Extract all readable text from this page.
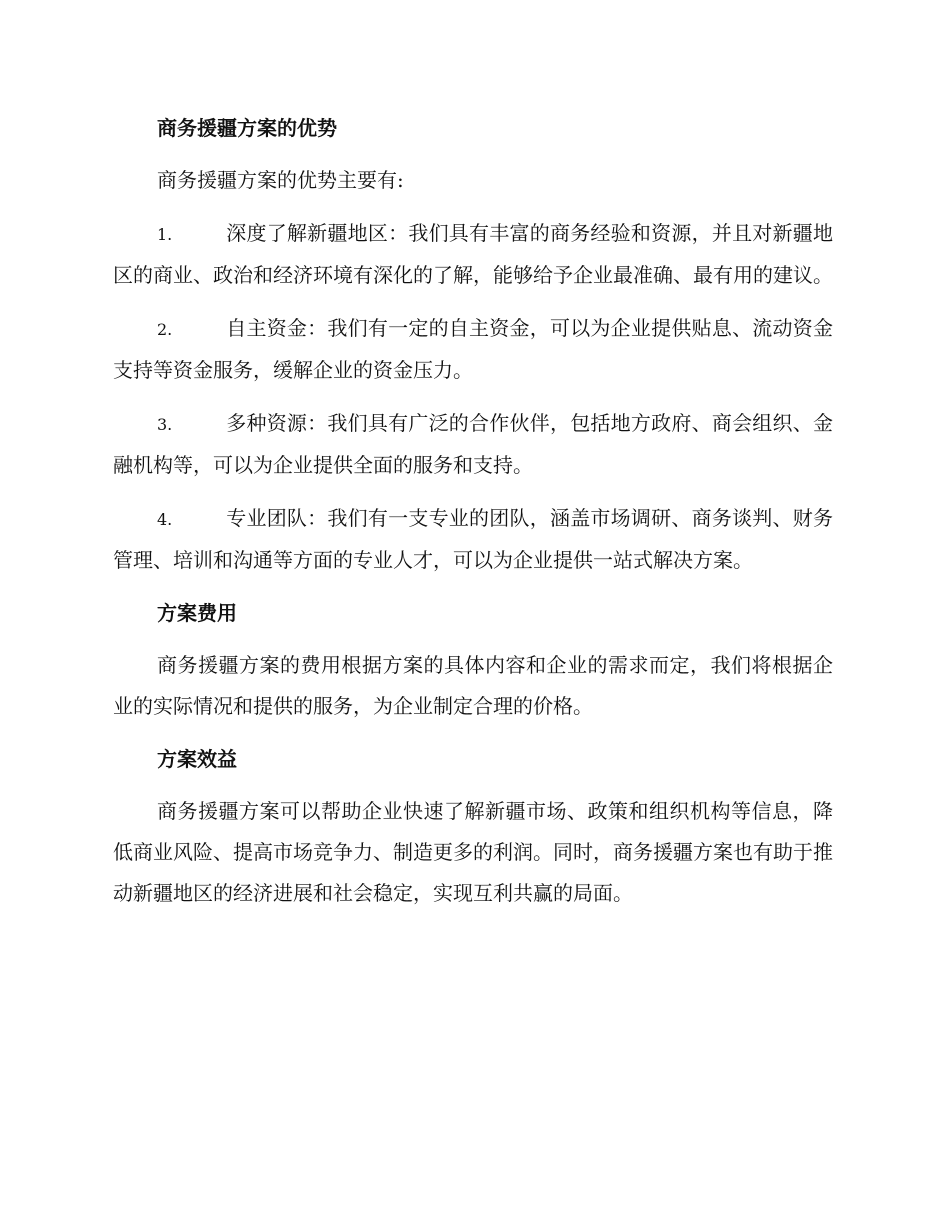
商务援疆方案的优势

商务援疆方案的优势主要有:

1.	深度了解新疆地区：我们具有丰富的商务经验和资源，并且对新疆地区的商业、政治和经济环境有深化的了解，能够给予企业最准确、最有用的建议。

2.	自主资金：我们有一定的自主资金，可以为企业提供贴息、流动资金支持等资金服务，缓解企业的资金压力。

3.	多种资源：我们具有广泛的合作伙伴，包括地方政府、商会组织、金融机构等，可以为企业提供全面的服务和支持。

4.	专业团队：我们有一支专业的团队，涵盖市场调研、商务谈判、财务管理、培训和沟通等方面的专业人才，可以为企业提供一站式解决方案。

方案费用

商务援疆方案的费用根据方案的具体内容和企业的需求而定，我们将根据企业的实际情况和提供的服务，为企业制定合理的价格。

方案效益

商务援疆方案可以帮助企业快速了解新疆市场、政策和组织机构等信息，降低商业风险、提高市场竞争力、制造更多的利润。同时，商务援疆方案也有助于推动新疆地区的经济进展和社会稳定，实现互利共赢的局面。
